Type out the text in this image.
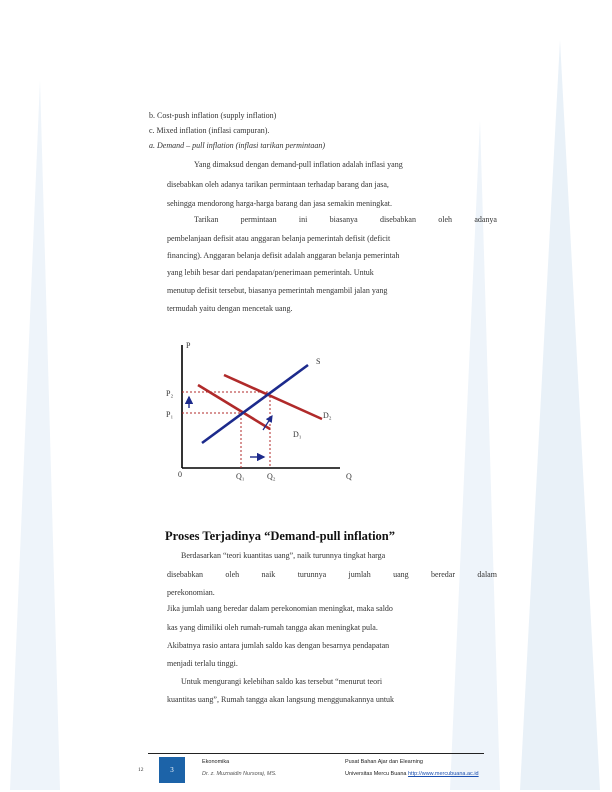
b. Cost-push inflation (supply inflation)
c. Mixed inflation (inflasi campuran).
a. Demand – pull inflation (inflasi tarikan permintaan)
Yang dimaksud dengan demand-pull inflation adalah inflasi yang
disebabkan oleh adanya tarikan permintaan terhadap barang dan jasa,
sehingga mendorong harga-harga barang dan jasa semakin meningkat.
Tarikan	permintaan	ini	biasanya	disebabkan	oleh	adanya
pembelanjaan defisit atau anggaran belanja pemerintah defisit (deficit
financing). Anggaran belanja defisit adalah anggaran belanja pemerintah
yang lebih besar dari pendapatan/penerimaan pemerintah. Untuk
menutup defisit tersebut, biasanya pemerintah mengambil jalan yang
termudah yaitu dengan mencetak uang.
P
S
P₂
P₁	D₂
D₁
0	Q₁	Q₂	Q
Proses Terjadinya “Demand-pull inflation”
Berdasarkan “teori kuantitas uang”, naik turunnya tingkat harga
disebabkan	oleh	naik	turunnya	jumlah	uang	beredar	dalam
perekonomian.
Jika jumlah uang beredar dalam perekonomian meningkat, maka saldo
kas yang dimiliki oleh rumah-rumah tangga akan meningkat pula.
Akibatnya rasio antara jumlah saldo kas dengan besarnya pendapatan
menjadi terlalu tinggi.
Untuk mengurangi kelebihan saldo kas tersebut “menurut teori
kuantitas uang”, Rumah tangga akan langsung menggunakannya untuk
12	3
Ekonomika
Dr. z. Muznaidin Nursoraj, MS.
Pusat Bahan Ajar dan Elearning
Universitas Mercu Buana http://www.mercubuana.ac.id
